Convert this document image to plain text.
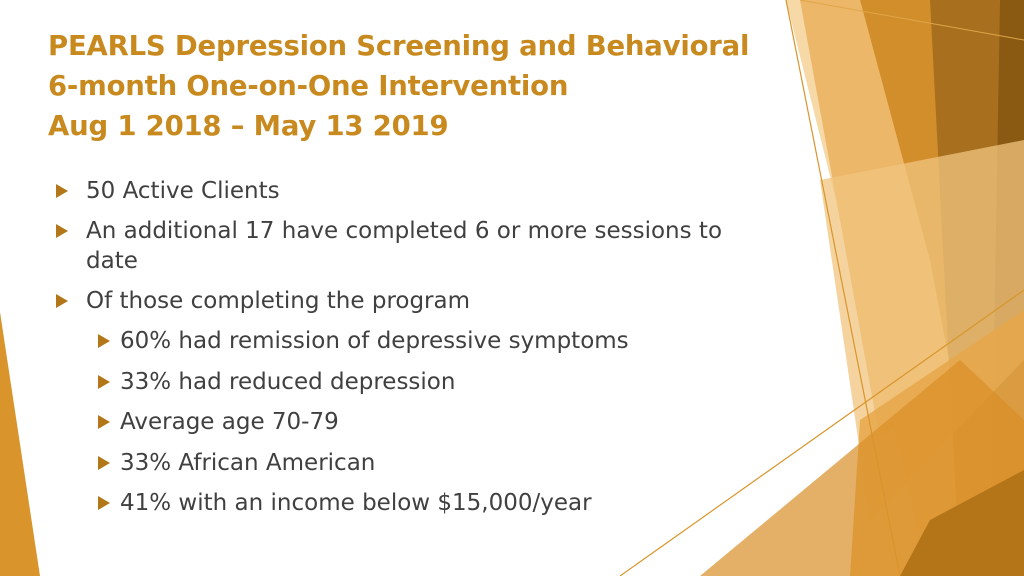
PEARLS Depression Screening and Behavioral
6-month One-on-One Intervention
Aug 1 2018 – May 13 2019
50 Active Clients
An additional 17 have completed 6 or more sessions to date
Of those completing the program
60% had remission of depressive symptoms
33% had reduced depression
Average age 70-79
33% African American
41% with an income below $15,000/year
